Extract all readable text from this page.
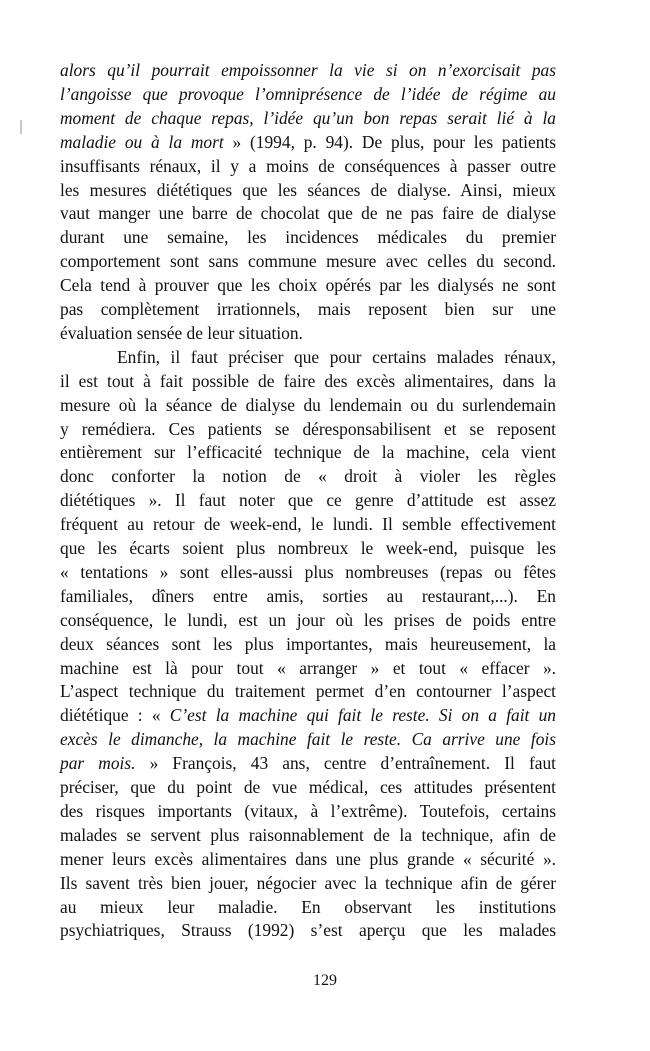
alors qu’il pourrait empoissonner la vie si on n’exorcisait pas
l’angoisse que provoque l’omniprésence de l’idée de régime au
moment de chaque repas, l’idée qu’un bon repas serait lié à la
maladie ou à la mort » (1994, p. 94). De plus, pour les patients
insuffisants rénaux, il y a moins de conséquences à passer outre
les mesures diététiques que les séances de dialyse. Ainsi, mieux
vaut manger une barre de chocolat que de ne pas faire de dialyse
durant une semaine, les incidences médicales du premier
comportement sont sans commune mesure avec celles du second.
Cela tend à prouver que les choix opérés par les dialysés ne sont
pas complètement irrationnels, mais reposent bien sur une
évaluation sensée de leur situation.
Enfin, il faut préciser que pour certains malades rénaux,
il est tout à fait possible de faire des excès alimentaires, dans la
mesure où la séance de dialyse du lendemain ou du surlendemain
y remédiera. Ces patients se déresponsabilisent et se reposent
entièrement sur l’efficacité technique de la machine, cela vient
donc conforter la notion de « droit à violer les règles
diététiques ». Il faut noter que ce genre d’attitude est assez
fréquent au retour de week-end, le lundi. Il semble effectivement
que les écarts soient plus nombreux le week-end, puisque les
« tentations » sont elles-aussi plus nombreuses (repas ou fêtes
familiales, dîners entre amis, sorties au restaurant,...). En
conséquence, le lundi, est un jour où les prises de poids entre
deux séances sont les plus importantes, mais heureusement, la
machine est là pour tout « arranger » et tout « effacer ».
L’aspect technique du traitement permet d’en contourner l’aspect
diététique : « C’est la machine qui fait le reste. Si on a fait un
excès le dimanche, la machine fait le reste. Ca arrive une fois
par mois. » François, 43 ans, centre d’entraînement. Il faut
préciser, que du point de vue médical, ces attitudes présentent
des risques importants (vitaux, à l’extrême). Toutefois, certains
malades se servent plus raisonnablement de la technique, afin de
mener leurs excès alimentaires dans une plus grande « sécurité ».
Ils savent très bien jouer, négocier avec la technique afin de gérer
au mieux leur maladie. En observant les institutions
psychiatriques, Strauss (1992) s’est aperçu que les malades
129
